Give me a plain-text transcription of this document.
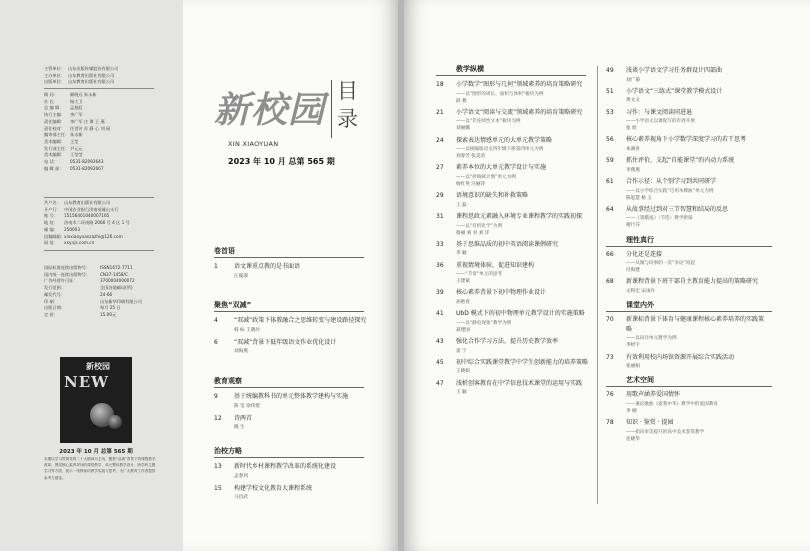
新校园 目录
XIN XIAOYUAN
2023 年 10 月 总第 565 期
新校园
NEW
2023 年 10 月 总第 565 期
本期以学习贯彻党的二十大精神为主线，聚焦“双减”背景下的课程教学改革，围绕核心素养导向的课堂教学、单元整体教学设计、跨学科主题学习等方面，展示一线教师的教学实践与思考，为广大教育工作者提供参考与借鉴。
主管单位： 山东出版传媒股份有限公司
主办单位： 山东教育出版社有限公司
出版单位： 山东教育出版社有限公司
顾 问：	颜晓远 朱永新
社 长：	杨大卫
总 编 辑： 孟旭虹
执行主编： 李广军
责任编辑： 李广军 庄 谭 王 燕
责任校对： 任誉芳 苏 静 心 刘 园
编审部主任：朱永新
美术编辑： 王莹
发行部主任：尹元元
美术编辑： 王莹莹
电 话：	0531-82092643
编 辑 部： 0531-82092667
共户名： 山东教育出版社有限公司
开户行： 中国农业银行济南英雄山支行
账 号： 15156401040007165
地 址： 济南市二环南路 2066 号 4 区 1 号
邮 编： 250003
投稿邮箱：xinxiaoyuanzazhi@126.com
网 址： xxy.sjs.com.cn
国际标准连续出版物号： ISSN1672-7711
国内统一连续出版物号： CN37-1458/C
广告经营许可证：	3700004000072
发行范围：	全国各地邮局(所)
邮发代号：	24-66
印 刷：	山东新华印刷有限公司
出版日期：	每月 25 日
定 价：	15.00元
卷首语
1	语文课重点教的是书面语
汪筱淑
聚焦“双减”
4	“双减”政策下体教融合之思维转变与建设路径探究
韩 标 王晓玲
6	“双减”背景下低年级语文作业优化设计
刘海燕
教育观察
9	基于统编教科书的单元整体教学建构与实施
陈 莹 徐伟建
12	诗两首
晓 生
治校方略
13	新时代乡村课程教学改革的系统化建设
孟春到
15	构建学校文化教育大课程系统
马昌武
教学纵横
18	小学数学“图形与几何”领域素养的培育策略研究
——以“图形的周长、面积与体积”板块为例
薛 燕
21	小学语文“阅读与交流”领域素养的培育策略研究
——以“非连续性文本”板块为例
刘丽娜
24	探索表达情感单元的大单元教学策略
——以统编版语文四年级下册第四单元为例
刘春芳 张美清
27	素养本位的大单元教学设计与实施
——以“折线统计图”单元为例
杨红英 汪丽萍
29	语境意识的缺失和补救策略
王 磊
31	课程思政元素融入环境专业课程教学的实践初探
——以“有机化学”为例
蔡丽 刘 君 刘 洋
33	基于思维品质的初中英语阅读课例研究
李 颖
36	重视情境体验，促进知识建构
——“节奏”单元的思考
王建斌
39	核心素养背景下初中物理作业设计
孙艳青
41	UbD 模式下的初中物理单元教学设计的实施策略
——以“静电现象”教学为例
聂建国
43	强化合作学习方法，提升历史教学效率
雷 宁
45	初中综合实践课堂教学中学生创新能力的培养策略
王晓娟
47	浅析创客教育在中学信息技术课堂的运用与实践
王 颖
49	浅谈小学语文学习任务群设计四部曲
刘广菊
51	小学语文“三练式”课堂教学模式设计
黄文文
53	习作：与课文阅读同进退
——小学语文以课促写的有效开展
张 欣
56	核心素养视角下小学数学深度学习的若干思考
朱满喜
59	抓住评价，支起“自能课堂”的内动力系统
李燕燕
61	合作示径：从个别学习到共同研学
——以小学综合实践“巧用木牌匾”单元为例
陈思慧 杨 玉
64	从故事经过到对三节智慧和结局的反思
——《窦娥冤》（节选）教学新探
褚行芬
理性真行
66	分化还是连接
——从微与同事的一次“争论”说起
付海建
68	新课程背景下班干部自主教育能力提高的策略研究
文和宏 宋雨丹
课堂内外
70	新课标背景下体育与健康课程核心素养培养的实践策略
——以田径单元教学为例
李经宇
73	有效利用校内场馆资源开展综合实践活动
张丽娟
艺术空间
76	用歌声涵养爱国情怀
——兼论歌曲《爱我中华》教学中的爱国教育
李 刚
78	知识 · 鉴赏 · 提园
——指向审美提升的高中美术鉴赏教学
连晓华
